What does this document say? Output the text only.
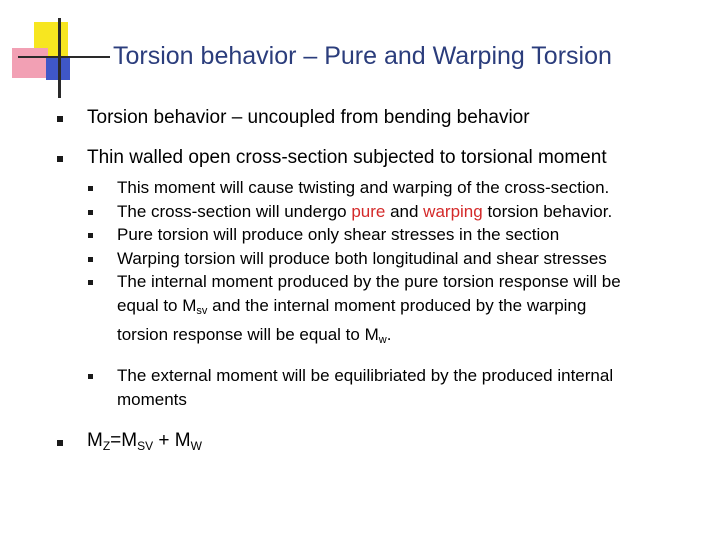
Torsion behavior – Pure and Warping Torsion
Torsion behavior – uncoupled from bending behavior
Thin walled open cross-section subjected to torsional moment
This moment will cause twisting and warping of the cross-section.
The cross-section will undergo pure and warping torsion behavior.
Pure torsion will produce only shear stresses in the section
Warping torsion will produce both longitudinal and shear stresses
The internal moment produced by the pure torsion response will be
equal to $M_{sv}$ and the internal moment produced by the warping
torsion response will be equal to $M_w$.
The external moment will be equilibriated by the produced internal
moments
$M_Z=M_{SV} + M_W$
